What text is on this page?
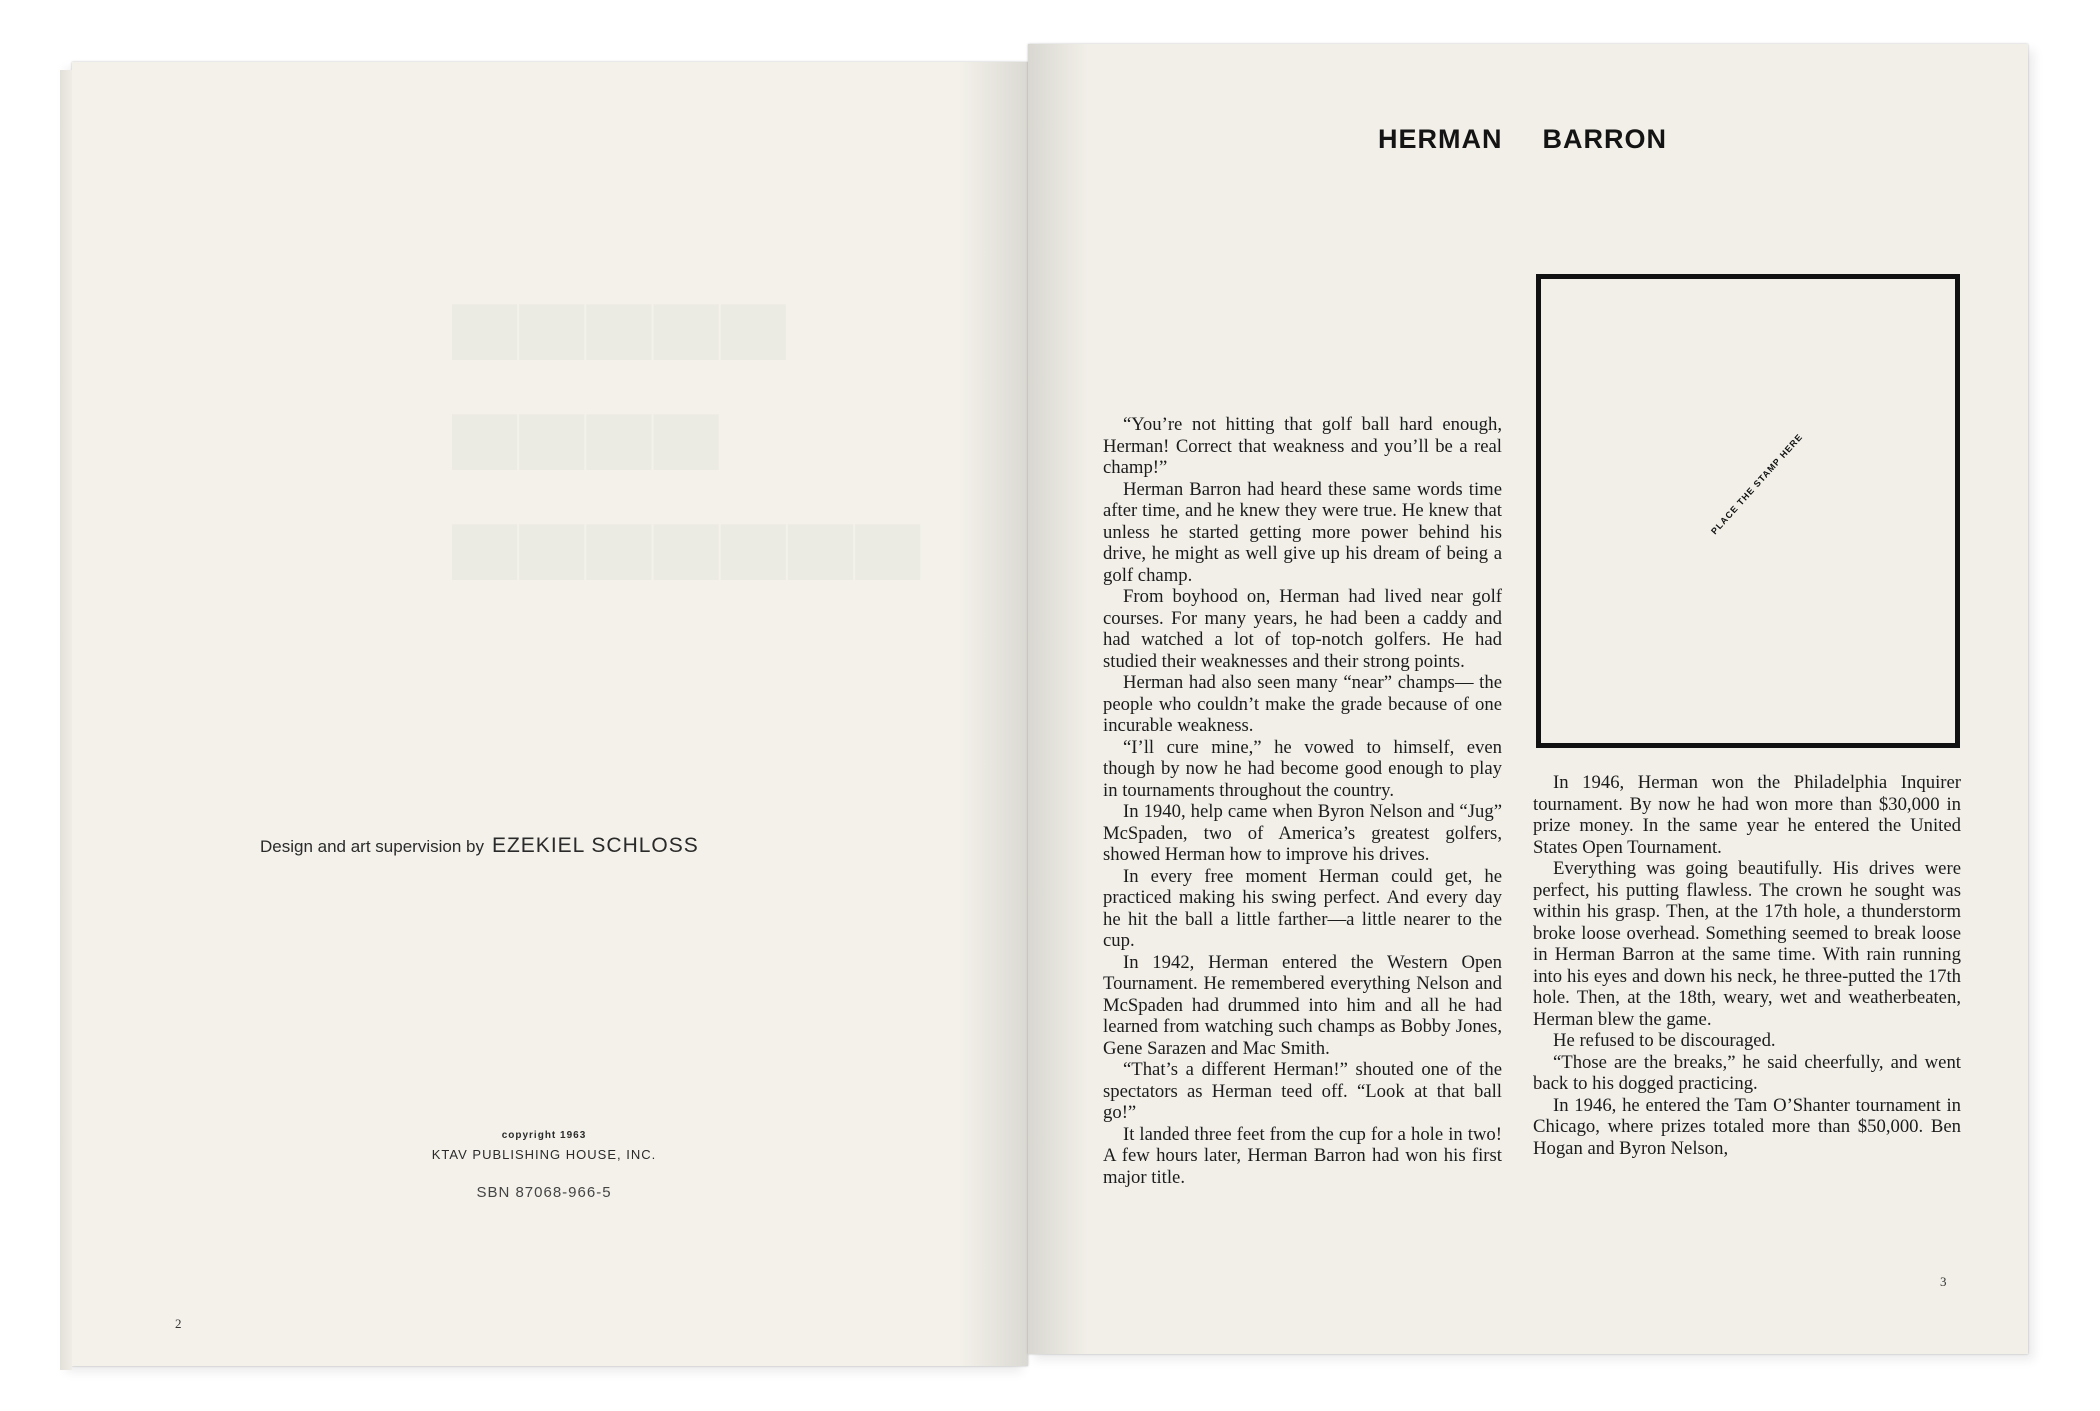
▀▀▀▀▀ ▀▀▀▀
▀▀▀▀▀▀▀
Design and art supervision by EZEKIEL SCHLOSS
copyright 1963
KTAV PUBLISHING HOUSE, INC.
SBN 87068-966-5
2
HERMAN BARRON
PLACE THE STAMP HERE

“You’re not hitting that golf ball hard enough, Herman! Correct that weakness and you’ll be a real champ!”

Herman Barron had heard these same words time after time, and he knew they were true. He knew that unless he started getting more power behind his drive, he might as well give up his dream of being a golf champ.

From boyhood on, Herman had lived near golf courses. For many years, he had been a caddy and had watched a lot of top-notch golfers. He had studied their weaknesses and their strong points.

Herman had also seen many “near” champs— the people who couldn’t make the grade because of one incurable weakness.

“I’ll cure mine,” he vowed to himself, even though by now he had become good enough to play in tournaments throughout the country.

In 1940, help came when Byron Nelson and “Jug” McSpaden, two of America’s greatest golfers, showed Herman how to improve his drives.

In every free moment Herman could get, he practiced making his swing perfect. And every day he hit the ball a little farther—a little nearer to the cup.

In 1942, Herman entered the Western Open Tournament. He remembered everything Nelson and McSpaden had drummed into him and all he had learned from watching such champs as Bobby Jones, Gene Sarazen and Mac Smith.

“That’s a different Herman!” shouted one of the spectators as Herman teed off. “Look at that ball go!”

It landed three feet from the cup for a hole in two! A few hours later, Herman Barron had won his first major title.

In 1946, Herman won the Philadelphia Inquirer tournament. By now he had won more than $30,000 in prize money. In the same year he entered the United States Open Tournament.

Everything was going beautifully. His drives were perfect, his putting flawless. The crown he sought was within his grasp. Then, at the 17th hole, a thunderstorm broke loose overhead. Something seemed to break loose in Herman Barron at the same time. With rain running into his eyes and down his neck, he three-putted the 17th hole. Then, at the 18th, weary, wet and weatherbeaten, Herman blew the game.

He refused to be discouraged.

“Those are the breaks,” he said cheerfully, and went back to his dogged practicing.

In 1946, he entered the Tam O’Shanter tournament in Chicago, where prizes totaled more than $50,000. Ben Hogan and Byron Nelson,

3
